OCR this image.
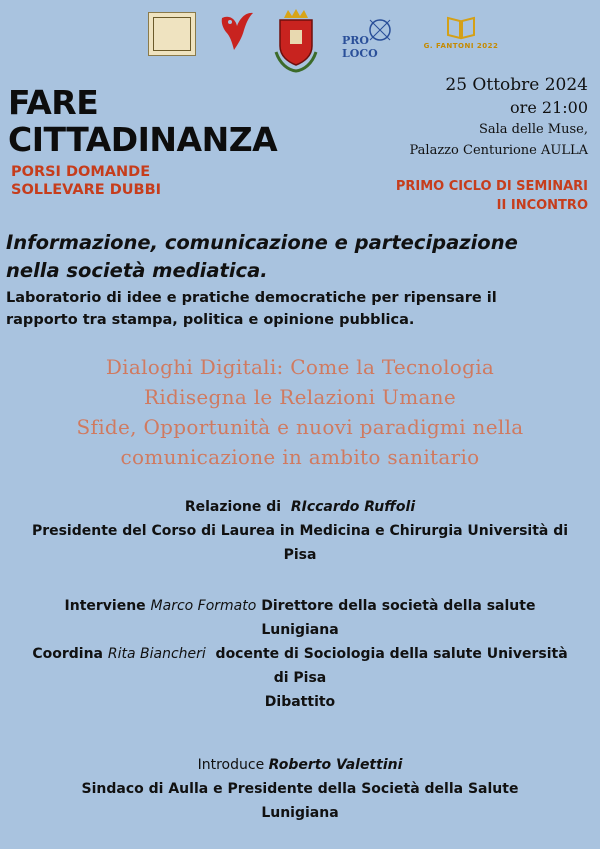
PRO LOCO
G. FANTONI 2022
FARE
CITTADINANZA
PORSI DOMANDE
SOLLEVARE DUBBI
25 Ottobre 2024
ore 21:00
Sala delle Muse,
Palazzo Centurione AULLA
PRIMO CICLO DI SEMINARI
II INCONTRO
Informazione, comunicazione e partecipazione
nella società mediatica.
Laboratorio di idee e pratiche democratiche per ripensare il
rapporto tra stampa, politica e opinione pubblica.
Dialoghi Digitali: Come la Tecnologia
Ridisegna le Relazioni Umane
Sfide, Opportunità e nuovi paradigmi nella
comunicazione in ambito sanitario
Relazione di RIccardo Ruffoli
Presidente del Corso di Laurea in Medicina e Chirurgia Università di
Pisa
Interviene Marco Formato Direttore della società della salute
Lunigiana
Coordina Rita Biancheri docente di Sociologia della salute Università
di Pisa
Dibattito
Introduce Roberto Valettini
Sindaco di Aulla e Presidente della Società della Salute
Lunigiana
